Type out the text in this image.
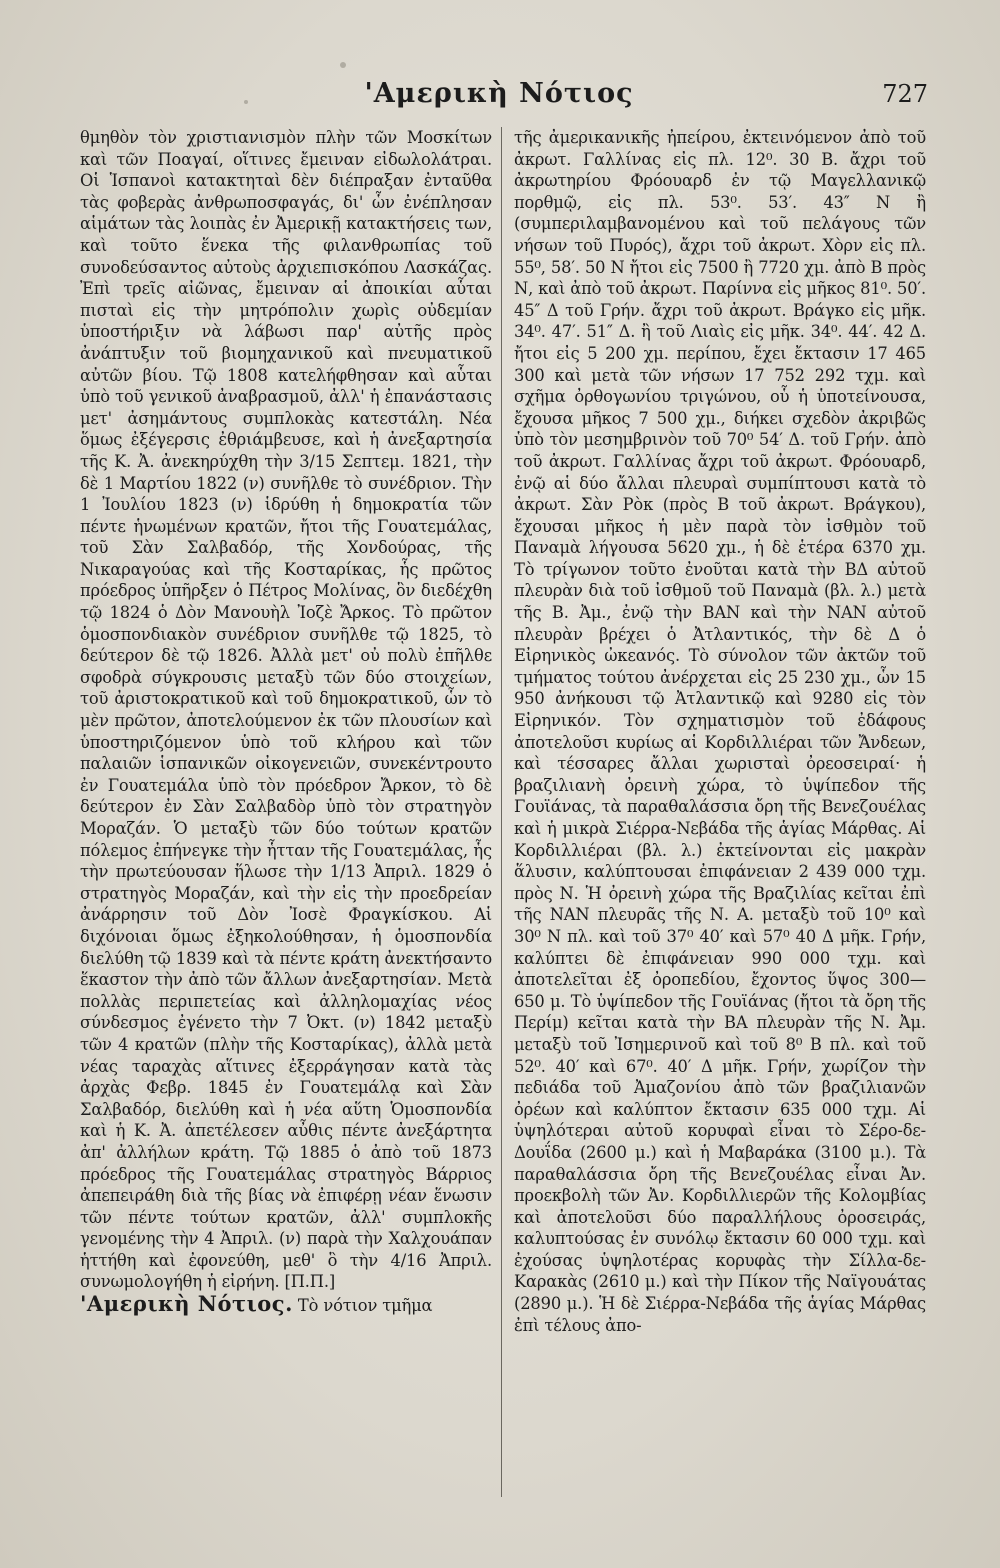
'Αμερικὴ Νότιος	727

θμηθὸν τὸν χριστιανισμὸν πλὴν τῶν Μοσκίτων καὶ τῶν Ποαγαί, οἵτινες ἔμειναν εἰδωλολάτραι. Οἱ Ἱσπανοὶ κατακτηταὶ δὲν διέπραξαν ἐνταῦθα τὰς φοβερὰς ἀνθρωποσφαγάς, δι' ὧν ἐνέπλησαν αἱμάτων τὰς λοιπὰς ἐν Ἀμερικῇ κατακτήσεις των, καὶ τοῦτο ἕνεκα τῆς φιλανθρωπίας τοῦ συνοδεύσαντος αὐτοὺς ἀρχιεπισκόπου Λασκάζας. Ἐπὶ τρεῖς αἰῶνας, ἔμειναν αἱ ἀποικίαι αὗται πισταὶ εἰς τὴν μητρόπολιν χωρὶς οὐδεμίαν ὑποστήριξιν νὰ λάβωσι παρ' αὐτῆς πρὸς ἀνάπτυξιν τοῦ βιομηχανικοῦ καὶ πνευματικοῦ αὐτῶν βίου. Τῷ 1808 κατελήφθησαν καὶ αὗται ὑπὸ τοῦ γενικοῦ ἀναβρασμοῦ, ἀλλ' ἡ ἐπανάστασις μετ' ἀσημάντους συμπλοκὰς κατεστάλη. Νέα ὅμως ἐξέγερσις ἐθριάμβευσε, καὶ ἡ ἀνεξαρτησία τῆς Κ. Ἀ. ἀνεκηρύχθη τὴν 3/15 Σεπτεμ. 1821, τὴν δὲ 1 Μαρτίου 1822 (ν) συνῆλθε τὸ συνέδριον. Τὴν 1 Ἰουλίου 1823 (ν) ἱδρύθη ἡ δημοκρατία τῶν πέντε ἡνωμένων κρατῶν, ἤτοι τῆς Γουατεμάλας, τοῦ Σὰν Σαλβαδόρ, τῆς Χονδούρας, τῆς Νικαραγούας καὶ τῆς Κοσταρίκας, ἧς πρῶτος πρόεδρος ὑπῆρξεν ὁ Πέτρος Μολίνας, ὃν διεδέχθη τῷ 1824 ὁ Δὸν Μανουὴλ Ἰοζὲ Ἄρκος. Τὸ πρῶτον ὁμοσπονδιακὸν συνέδριον συνῆλθε τῷ 1825, τὸ δεύτερον δὲ τῷ 1826. Ἀλλὰ μετ' οὐ πολὺ ἐπῆλθε σφοδρὰ σύγκρουσις μεταξὺ τῶν δύο στοιχείων, τοῦ ἀριστοκρατικοῦ καὶ τοῦ δημοκρατικοῦ, ὧν τὸ μὲν πρῶτον, ἀποτελούμενον ἐκ τῶν πλουσίων καὶ ὑποστηριζόμενον ὑπὸ τοῦ κλήρου καὶ τῶν παλαιῶν ἱσπανικῶν οἰκογενειῶν, συνεκέντρουτο ἐν Γουατεμάλα ὑπὸ τὸν πρόεδρον Ἄρκον, τὸ δὲ δεύτερον ἐν Σὰν Σαλβαδὸρ ὑπὸ τὸν στρατηγὸν Μοραζάν. Ὁ μεταξὺ τῶν δύο τούτων κρατῶν πόλεμος ἐπήνεγκε τὴν ἧτταν τῆς Γουατεμάλας, ἧς τὴν πρωτεύουσαν ἥλωσε τὴν 1/13 Ἀπριλ. 1829 ὁ στρατηγὸς Μοραζάν, καὶ τὴν εἰς τὴν προεδρείαν ἀνάρρησιν τοῦ Δὸν Ἰοσὲ Φραγκίσκου. Αἱ διχόνοιαι ὅμως ἐξηκολούθησαν, ἡ ὁμοσπονδία διελύθη τῷ 1839 καὶ τὰ πέντε κράτη ἀνεκτήσαντο ἕκαστον τὴν ἀπὸ τῶν ἄλλων ἀνεξαρτησίαν. Μετὰ πολλὰς περιπετείας καὶ ἀλληλομαχίας νέος σύνδεσμος ἐγένετο τὴν 7 Ὀκτ. (ν) 1842 μεταξὺ τῶν 4 κρατῶν (πλὴν τῆς Κοσταρίκας), ἀλλὰ μετὰ νέας ταραχὰς αἵτινες ἐξερράγησαν κατὰ τὰς ἀρχὰς Φεβρ. 1845 ἐν Γουατεμάλᾳ καὶ Σὰν Σαλβαδόρ, διελύθη καὶ ἡ νέα αὕτη Ὁμοσπονδία καὶ ἡ Κ. Ἀ. ἀπετέλεσεν αὖθις πέντε ἀνεξάρτητα ἀπ' ἀλλήλων κράτη. Τῷ 1885 ὁ ἀπὸ τοῦ 1873 πρόεδρος τῆς Γουατεμάλας στρατηγὸς Βάρριος ἀπεπειράθη διὰ τῆς βίας νὰ ἐπιφέρῃ νέαν ἕνωσιν τῶν πέντε τούτων κρατῶν, ἀλλ' συμπλοκῆς γενομένης τὴν 4 Ἀπριλ. (ν) παρὰ τὴν Χαλχουάπαν ἡττήθη καὶ ἐφονεύθη, μεθ' ὃ τὴν 4/16 Ἀπριλ. συνωμολογήθη ἡ εἰρήνη. [Π.Π.]

'Αμερικὴ Νότιος. Τὸ νότιον τμῆμα

τῆς ἀμερικανικῆς ἠπείρου, ἐκτεινόμενον ἀπὸ τοῦ ἀκρωτ. Γαλλίνας εἰς πλ. 12⁰. 30 Β. ἄχρι τοῦ ἀκρωτηρίου Φρόουαρδ ἐν τῷ Μαγελλανικῷ πορθμῷ, εἰς πλ. 53⁰. 53′. 43″ Ν ἢ (συμπεριλαμβανομένου καὶ τοῦ πελάγους τῶν νήσων τοῦ Πυρός), ἄχρι τοῦ ἀκρωτ. Χὸρν εἰς πλ. 55⁰, 58′. 50 Ν ἤτοι εἰς 7500 ἢ 7720 χμ. ἀπὸ Β πρὸς Ν, καὶ ἀπὸ τοῦ ἀκρωτ. Παρίννα εἰς μῆκος 81⁰. 50′. 45″ Δ τοῦ Γρήν. ἄχρι τοῦ ἀκρωτ. Βράγκο εἰς μῆκ. 34⁰. 47′. 51″ Δ. ἢ τοῦ Λιαὶς εἰς μῆκ. 34⁰. 44′. 42 Δ. ἤτοι εἰς 5 200 χμ. περίπου, ἔχει ἔκτασιν 17 465 300 καὶ μετὰ τῶν νήσων 17 752 292 τχμ. καὶ σχῆμα ὀρθογωνίου τριγώνου, οὗ ἡ ὑποτείνουσα, ἔχουσα μῆκος 7 500 χμ., διήκει σχεδὸν ἀκριβῶς ὑπὸ τὸν μεσημβρινὸν τοῦ 70⁰ 54′ Δ. τοῦ Γρήν. ἀπὸ τοῦ ἀκρωτ. Γαλλίνας ἄχρι τοῦ ἀκρωτ. Φρόουαρδ, ἐνῷ αἱ δύο ἄλλαι πλευραὶ συμπίπτουσι κατὰ τὸ ἀκρωτ. Σὰν Ρὸκ (πρὸς Β τοῦ ἀκρωτ. Βράγκου), ἔχουσαι μῆκος ἡ μὲν παρὰ τὸν ἰσθμὸν τοῦ Παναμὰ λήγουσα 5620 χμ., ἡ δὲ ἑτέρα 6370 χμ. Τὸ τρίγωνον τοῦτο ἐνοῦται κατὰ τὴν ΒΔ αὐτοῦ πλευρὰν διὰ τοῦ ἰσθμοῦ τοῦ Παναμὰ (βλ. λ.) μετὰ τῆς Β. Ἀμ., ἐνῷ τὴν ΒΑΝ καὶ τὴν ΝΑΝ αὐτοῦ πλευρὰν βρέχει ὁ Ἀτλαντικός, τὴν δὲ Δ ὁ Εἰρηνικὸς ὠκεανός. Τὸ σύνολον τῶν ἀκτῶν τοῦ τμήματος τούτου ἀνέρχεται εἰς 25 230 χμ., ὧν 15 950 ἀνήκουσι τῷ Ἀτλαντικῷ καὶ 9280 εἰς τὸν Εἰρηνικόν. Τὸν σχηματισμὸν τοῦ ἐδάφους ἀποτελοῦσι κυρίως αἱ Κορδιλλιέραι τῶν Ἄνδεων, καὶ τέσσαρες ἄλλαι χωρισταὶ ὀρεοσειραί· ἡ βραζιλιανὴ ὀρεινὴ χώρα, τὸ ὑψίπεδον τῆς Γουϊάνας, τὰ παραθαλάσσια ὄρη τῆς Βενεζουέλας καὶ ἡ μικρὰ Σιέρρα-Νεβάδα τῆς ἁγίας Μάρθας. Αἱ Κορδιλλιέραι (βλ. λ.) ἐκτείνονται εἰς μακρὰν ἅλυσιν, καλύπτουσαι ἐπιφάνειαν 2 439 000 τχμ. πρὸς Ν. Ἡ ὀρεινὴ χώρα τῆς Βραζιλίας κεῖται ἐπὶ τῆς ΝΑΝ πλευρᾶς τῆς Ν. Α. μεταξὺ τοῦ 10⁰ καὶ 30⁰ Ν πλ. καὶ τοῦ 37⁰ 40′ καὶ 57⁰ 40 Δ μῆκ. Γρήν, καλύπτει δὲ ἐπιφάνειαν 990 000 τχμ. καὶ ἀποτελεῖται ἐξ ὀροπεδίου, ἔχοντος ὕψος 300—650 μ. Τὸ ὑψίπεδον τῆς Γουϊάνας (ἤτοι τὰ ὄρη τῆς Περίμ) κεῖται κατὰ τὴν ΒΑ πλευρὰν τῆς Ν. Ἀμ. μεταξὺ τοῦ Ἰσημερινοῦ καὶ τοῦ 8⁰ Β πλ. καὶ τοῦ 52⁰. 40′ καὶ 67⁰. 40′ Δ μῆκ. Γρήν, χωρίζον τὴν πεδιάδα τοῦ Ἀμαζονίου ἀπὸ τῶν βραζιλιανῶν ὀρέων καὶ καλύπτον ἔκτασιν 635 000 τχμ. Αἱ ὑψηλότεραι αὐτοῦ κορυφαὶ εἶναι τὸ Σέρο-δε-Δουΐδα (2600 μ.) καὶ ἡ Μαβαράκα (3100 μ.). Τὰ παραθαλάσσια ὄρη τῆς Βενεζουέλας εἶναι Ἀν. προεκβολὴ τῶν Ἀν. Κορδιλλιερῶν τῆς Κολομβίας καὶ ἀποτελοῦσι δύο παραλλήλους ὀροσειράς, καλυπτούσας ἐν συνόλῳ ἔκτασιν 60 000 τχμ. καὶ ἐχούσας ὑψηλοτέρας κορυφὰς τὴν Σίλλα-δε-Καρακὰς (2610 μ.) καὶ τὴν Πίκον τῆς Ναϊγουάτας (2890 μ.). Ἡ δὲ Σιέρρα-Νεβάδα τῆς ἁγίας Μάρθας ἐπὶ τέλους ἀπο-
